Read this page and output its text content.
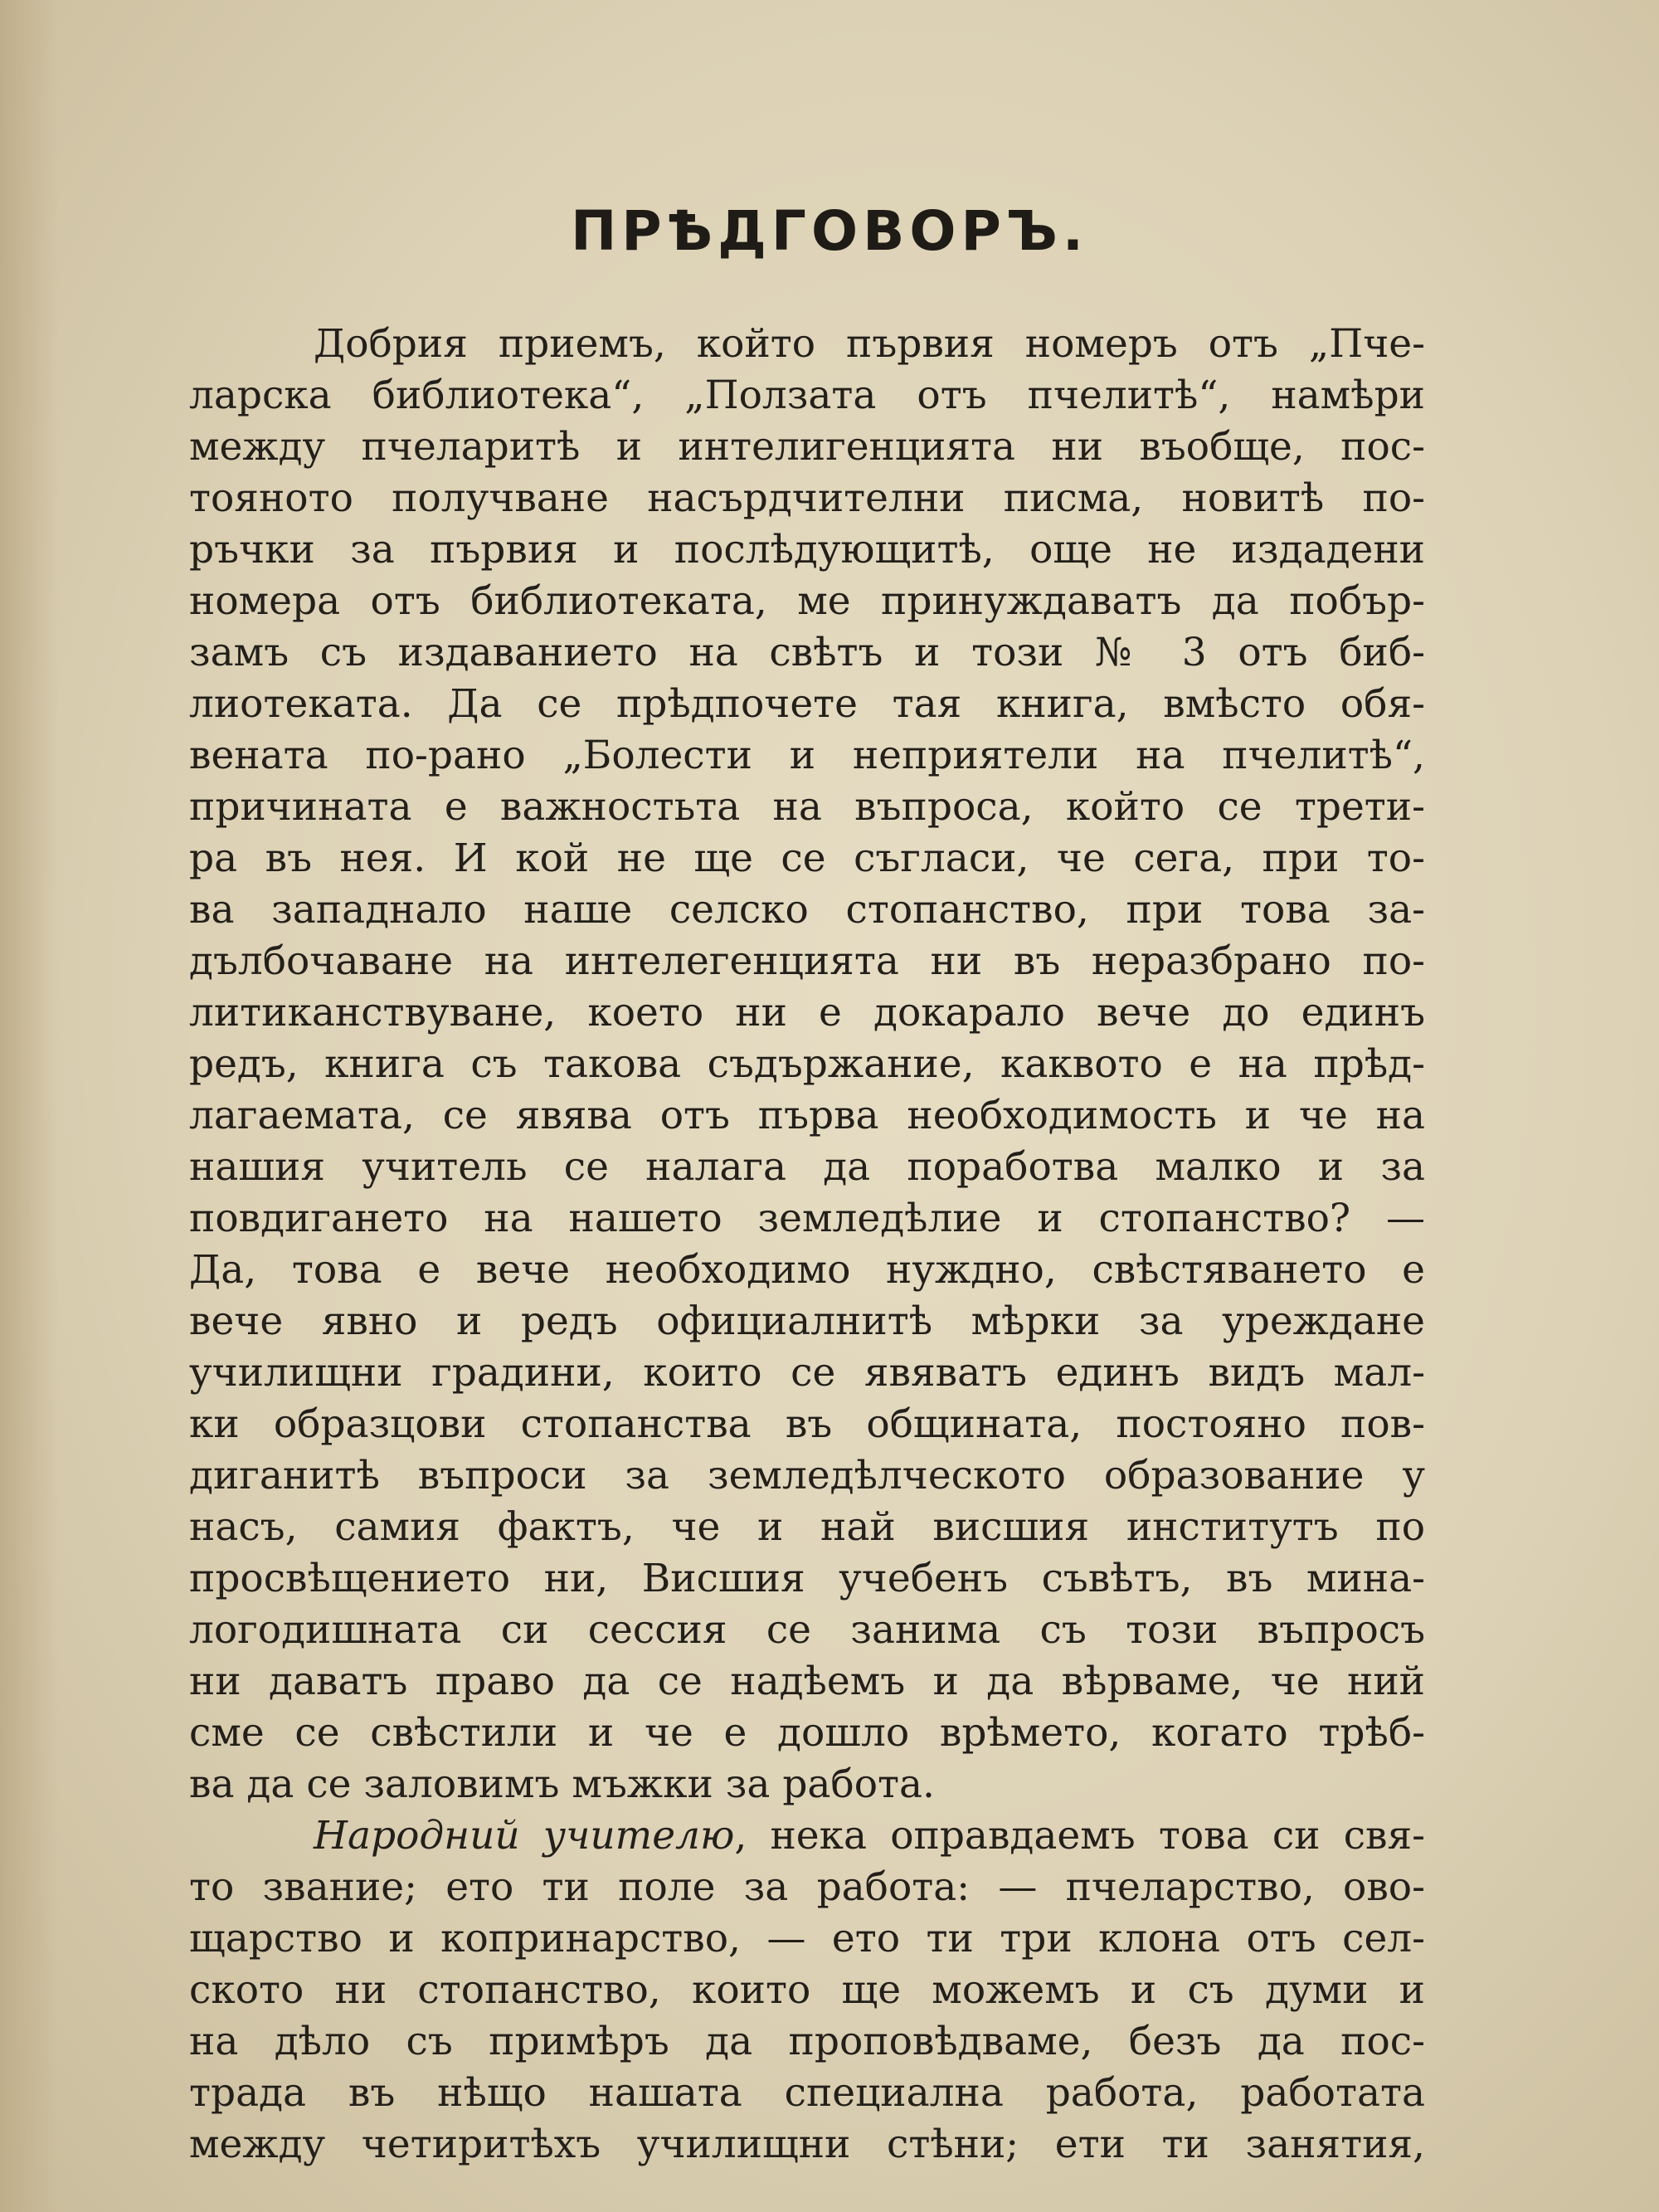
ПРѢДГОВОРЪ.
Добрия приемъ, който първия номеръ отъ „Пче-
ларска библиотека“, „Ползата отъ пчелитѣ“, намѣри
между пчеларитѣ и интелигенцията ни въобще, пос-
тояното получване насърдчителни писма, новитѣ по-
ръчки за първия и послѣдующитѣ, още не издадени
номера отъ библиотеката, ме принуждаватъ да побър-
замъ съ издаванието на свѣтъ и този № 3 отъ биб-
лиотеката. Да се прѣдпочете тая книга, вмѣсто обя-
вената по-рано „Болести и неприятели на пчелитѣ“,
причината е важностьта на въпроса, който се трети-
ра въ нея. И кой не ще се съгласи, че сега, при то-
ва западнало наше селско стопанство, при това за-
дълбочаване на интелегенцията ни въ неразбрано по-
литиканствуване, което ни е докарало вече до единъ
редъ, книга съ такова съдържание, каквото е на прѣд-
лагаемата, се явява отъ първа необходимость и че на
нашия учитель се налага да поработва малко и за
повдигането на нашето земледѣлие и стопанство? —
Да, това е вече необходимо нуждно, свѣстяването е
вече явно и редъ официалнитѣ мѣрки за уреждане
училищни градини, които се явяватъ единъ видъ мал-
ки образцови стопанства въ общината, постояно пов-
диганитѣ въпроси за земледѣлческото образование у
насъ, самия фактъ, че и най висшия институтъ по
просвѣщението ни, Висшия учебенъ съвѣтъ, въ мина-
логодишната си сессия се занима съ този въпросъ
ни даватъ право да се надѣемъ и да вѣрваме, че ний
сме се свѣстили и че е дошло врѣмето, когато трѣб-
ва да се заловимъ мъжки за работа.
Народний учителю, нека оправдаемъ това си свя-
то звание; ето ти поле за работа: — пчеларство, ово-
щарство и копринарство, — ето ти три клона отъ сел-
ското ни стопанство, които ще можемъ и съ думи и
на дѣло съ примѣръ да проповѣдваме, безъ да пос-
трада въ нѣщо нашата специална работа, работата
между четиритѣхъ училищни стѣни; ети ти занятия,
